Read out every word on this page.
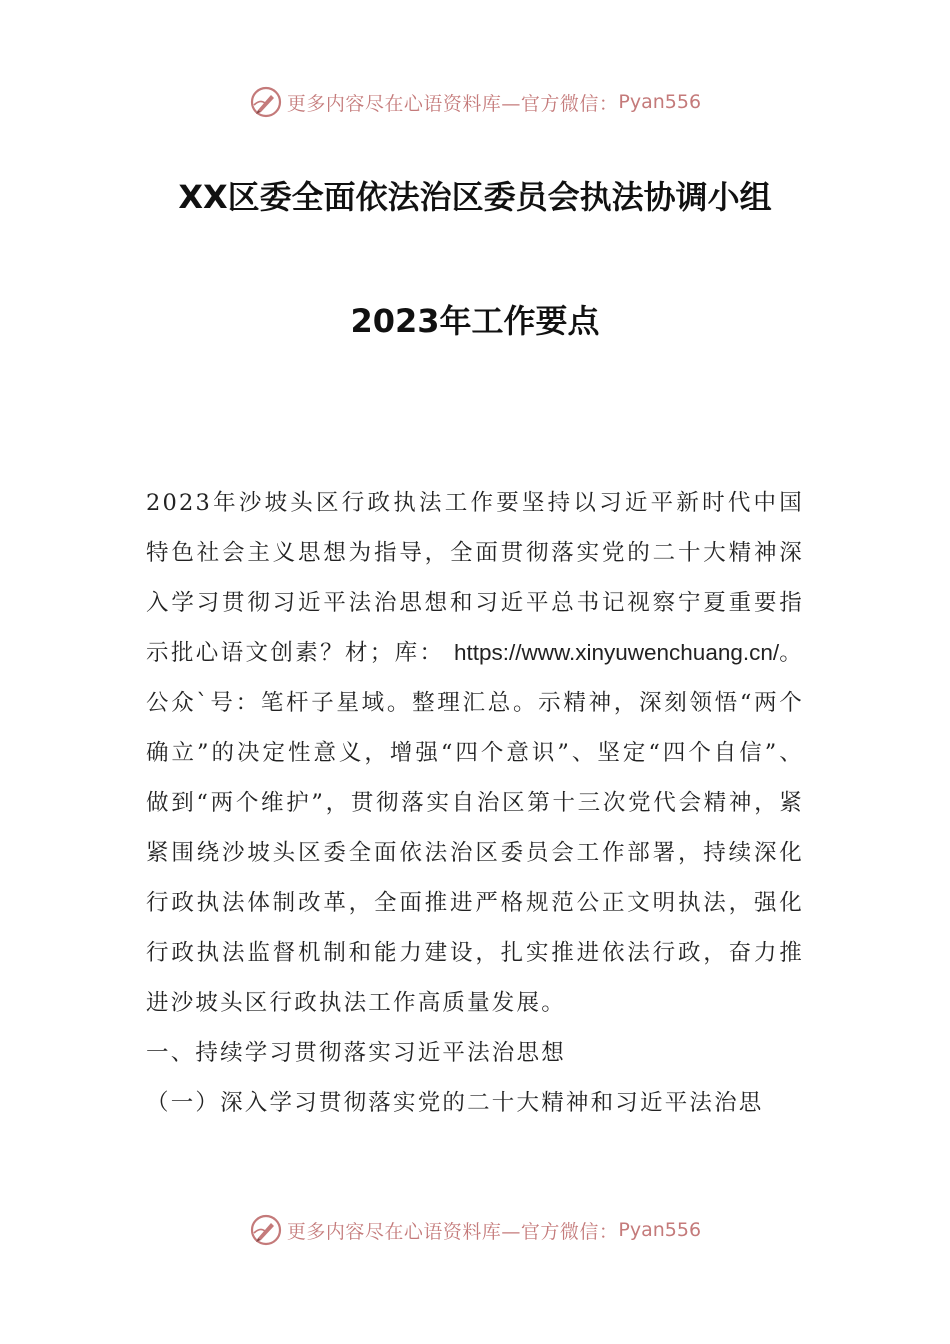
更多内容尽在心语资料库—官方微信： Pyan556
XX区委全面依法治区委员会执法协调小组
2023年工作要点

2023年沙坡头区行政执法工作要坚持以习近平新时代中国特色社会主义思想为指导，全面贯彻落实党的二十大精神深入学习贯彻习近平法治思想和习近平总书记视察宁夏重要指示批心语文创素？材；库： https://www.xinyuwenchuang.cn/。公众`号：笔杆子星域。整理汇总。示精神，深刻领悟“两个确立”的决定性意义，增强“四个意识”、坚定“四个自信”、做到“两个维护”，贯彻落实自治区第十三次党代会精神，紧紧围绕沙坡头区委全面依法治区委员会工作部署，持续深化行政执法体制改革，全面推进严格规范公正文明执法，强化行政执法监督机制和能力建设，扎实推进依法行政，奋力推进沙坡头区行政执法工作高质量发展。

一、持续学习贯彻落实习近平法治思想

（一）深入学习贯彻落实党的二十大精神和习近平法治思

更多内容尽在心语资料库—官方微信： Pyan556
